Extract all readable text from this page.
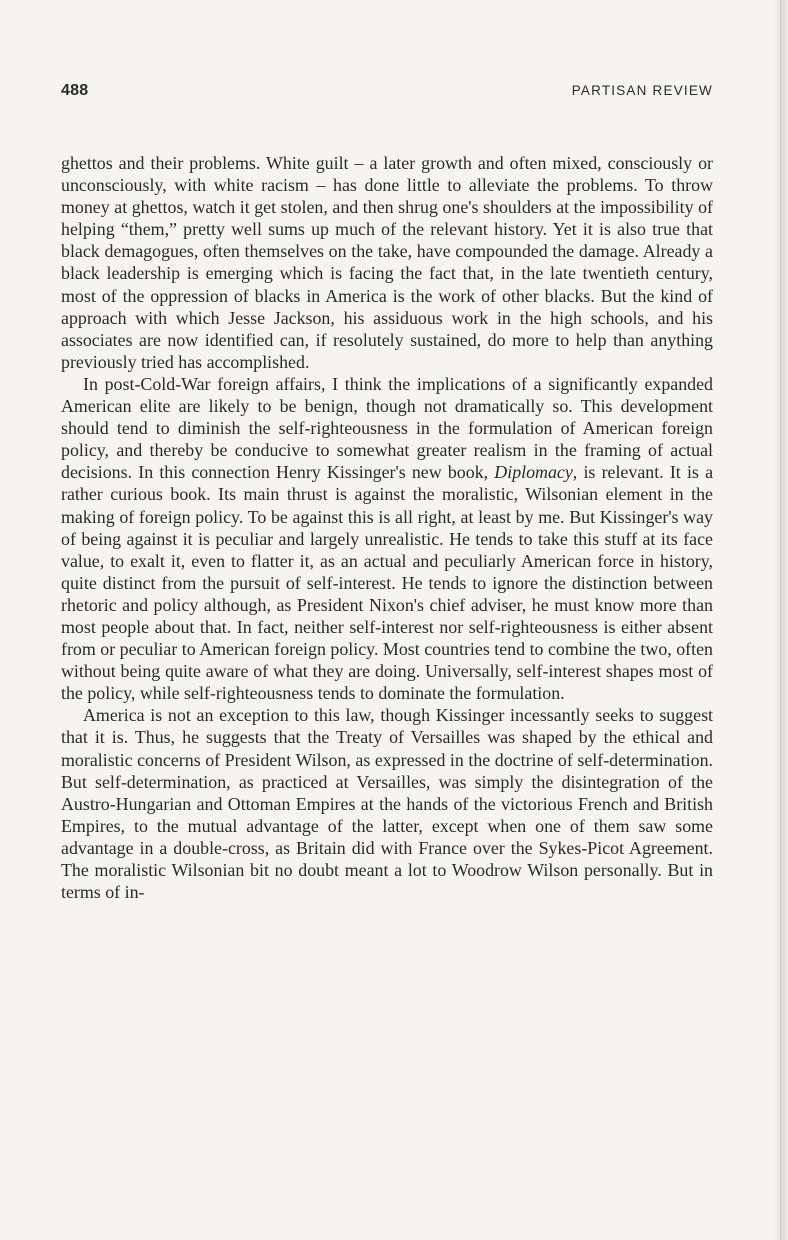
488	PARTISAN REVIEW

ghettos and their problems. White guilt – a later growth and often mixed, consciously or unconsciously, with white racism – has done little to alleviate the problems. To throw money at ghettos, watch it get stolen, and then shrug one's shoulders at the impossibility of helping “them,” pretty well sums up much of the relevant history. Yet it is also true that black demagogues, often themselves on the take, have compounded the damage. Already a black leadership is emerging which is facing the fact that, in the late twentieth century, most of the oppression of blacks in America is the work of other blacks. But the kind of approach with which Jesse Jackson, his assiduous work in the high schools, and his associates are now identified can, if resolutely sustained, do more to help than anything previously tried has accomplished.

In post-Cold-War foreign affairs, I think the implications of a significantly expanded American elite are likely to be benign, though not dramatically so. This development should tend to diminish the self-righteousness in the formulation of American foreign policy, and thereby be conducive to somewhat greater realism in the framing of actual decisions. In this connection Henry Kissinger's new book, Diplomacy, is relevant. It is a rather curious book. Its main thrust is against the moralistic, Wilsonian element in the making of foreign policy. To be against this is all right, at least by me. But Kissinger's way of being against it is peculiar and largely unrealistic. He tends to take this stuff at its face value, to exalt it, even to flatter it, as an actual and peculiarly American force in history, quite distinct from the pursuit of self-interest. He tends to ignore the distinction between rhetoric and policy although, as President Nixon's chief adviser, he must know more than most people about that. In fact, neither self-interest nor self-righteousness is either absent from or peculiar to American foreign policy. Most countries tend to combine the two, often without being quite aware of what they are doing. Universally, self-interest shapes most of the policy, while self-righteousness tends to dominate the formulation.

America is not an exception to this law, though Kissinger incessantly seeks to suggest that it is. Thus, he suggests that the Treaty of Versailles was shaped by the ethical and moralistic concerns of President Wilson, as expressed in the doctrine of self-determination. But self-determination, as practiced at Versailles, was simply the disintegration of the Austro-Hungarian and Ottoman Empires at the hands of the victorious French and British Empires, to the mutual advantage of the latter, except when one of them saw some advantage in a double-cross, as Britain did with France over the Sykes-Picot Agreement. The moralistic Wilsonian bit no doubt meant a lot to Woodrow Wilson personally. But in terms of in-
